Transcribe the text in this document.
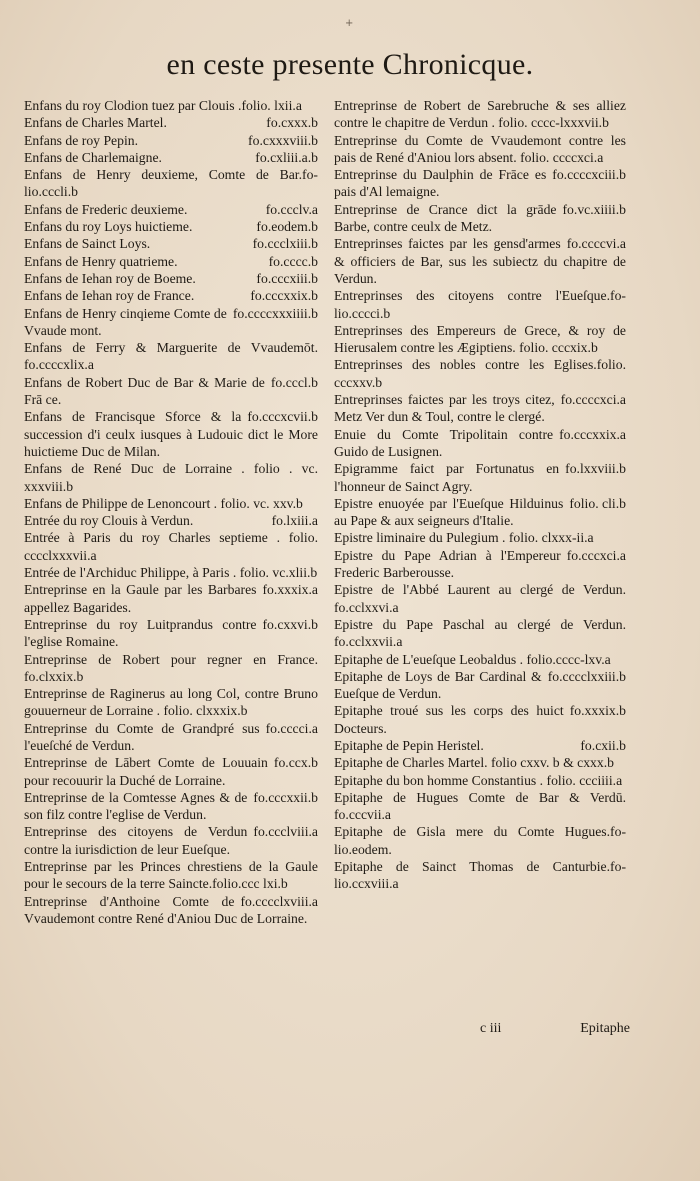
+
en ceste presente Chronicque.

Enfans du roy Clodion tuez par Clouis .folio. lxii.a

fo.cxxx.b
Enfans de Charles Martel.

fo.cxxxviii.b
Enfans de roy Pepin.

fo.cxliii.a.b
Enfans de Charlemaigne.

Enfans de Henry deuxieme, Comte de Bar.fo-lio.cccli.b

fo.ccclv.a
Enfans de Frederic deuxieme.

fo.eodem.b
Enfans du roy Loys huictieme.

fo.ccclxiii.b
Enfans de Sainct Loys.

fo.cccc.b
Enfans de Henry quatrieme.

fo.cccxiii.b
Enfans de Iehan roy de Boeme.

fo.cccxxix.b
Enfans de Iehan roy de France.

fo.ccccxxxiiii.b
Enfans de Henry cinqieme Comte de Vvaude mont.

Enfans de Ferry & Marguerite de Vvaudemōt. fo.ccccxlix.a

fo.cccl.b
Enfans de Robert Duc de Bar & Marie de Frā ce.

fo.cccxcvii.b
Enfans de Francisque Sforce & la succession d'i ceulx iusques à Ludouic dict le More huictieme Duc de Milan.

Enfans de René Duc de Lorraine . folio . vc. xxxviii.b

Enfans de Philippe de Lenoncourt . folio. vc. xxv.b

fo.lxiii.a
Entrée du roy Clouis à Verdun.

Entrée à Paris du roy Charles septieme . folio. cccclxxxvii.a

Entrée de l'Archiduc Philippe, à Paris . folio. vc.xlii.b

fo.xxxix.a
Entreprinse en la Gaule par les Barbares appellez Bagarides.

fo.cxxvi.b
Entreprinse du roy Luitprandus contre l'eglise Romaine.

Entreprinse de Robert pour regner en France. fo.clxxix.b

Entreprinse de Raginerus au long Col, contre Bruno gouuerneur de Lorraine . folio. clxxxix.b

fo.cccci.a
Entreprinse du Comte de Grandpré sus l'eueſché de Verdun.

fo.ccx.b
Entreprinse de Lābert Comte de Louuain pour recouurir la Duché de Lorraine.

fo.cccxxii.b
Entreprinse de la Comtesse Agnes & de son filz contre l'eglise de Verdun.

fo.ccclviii.a
Entreprinse des citoyens de Verdun contre la iurisdiction de leur Eueſque.

Entreprinse par les Princes chrestiens de la Gaule pour le secours de la terre Saincte.folio.ccc lxi.b

fo.cccclxviii.a
Entreprinse d'Anthoine Comte de Vvaudemont contre René d'Aniou Duc de Lorraine.

Entreprinse de Robert de Sarebruche & ses alliez contre le chapitre de Verdun . folio. cccc-lxxxvii.b

Entreprinse du Comte de Vvaudemont contre les pais de René d'Aniou lors absent. folio. ccccxci.a

fo.ccccxciii.b
Entreprinse du Daulphin de Frāce es pais d'Al lemaigne.

fo.vc.xiiii.b
Entreprinse de Crance dict la grāde Barbe, contre ceulx de Metz.

fo.ccccvi.a
Entreprinses faictes par les gensd'armes & officiers de Bar, sus les subiectz du chapitre de Verdun.

Entreprinses des citoyens contre l'Eueſque.fo-lio.cccci.b

Entreprinses des Empereurs de Grece, & roy de Hierusalem contre les Ægiptiens. folio. cccxix.b

Entreprinses des nobles contre les Eglises.folio. cccxxv.b

fo.ccccxci.a
Entreprinses faictes par les troys citez, Metz Ver dun & Toul, contre le clergé.

fo.cccxxix.a
Enuie du Comte Tripolitain contre Guido de Lusignen.

fo.lxxviii.b
Epigramme faict par Fortunatus en l'honneur de Sainct Agry.

folio. cli.b
Epistre enuoyée par l'Eueſque Hilduinus au Pape & aux seigneurs d'Italie.

Epistre liminaire du Pulegium . folio. clxxx-ii.a

fo.cccxci.a
Epistre du Pape Adrian à l'Empereur Frederic Barberousse.

Epistre de l'Abbé Laurent au clergé de Verdun. fo.cclxxvi.a

Epistre du Pape Paschal au clergé de Verdun. fo.cclxxvii.a

Epitaphe de L'eueſque Leobaldus . folio.cccc-lxv.a

fo.cccclxxiii.b
Epitaphe de Loys de Bar Cardinal & Eueſque de Verdun.

fo.xxxix.b
Epitaphe troué sus les corps des huict Docteurs.

fo.cxii.b
Epitaphe de Pepin Heristel.

Epitaphe de Charles Martel. folio cxxv. b & cxxx.b

Epitaphe du bon homme Constantius . folio. ccciiii.a

Epitaphe de Hugues Comte de Bar & Verdū. fo.cccvii.a

Epitaphe de Gisla mere du Comte Hugues.fo-lio.eodem.

Epitaphe de Sainct Thomas de Canturbie.fo-lio.ccxviii.a

c iii	Epitaphe
